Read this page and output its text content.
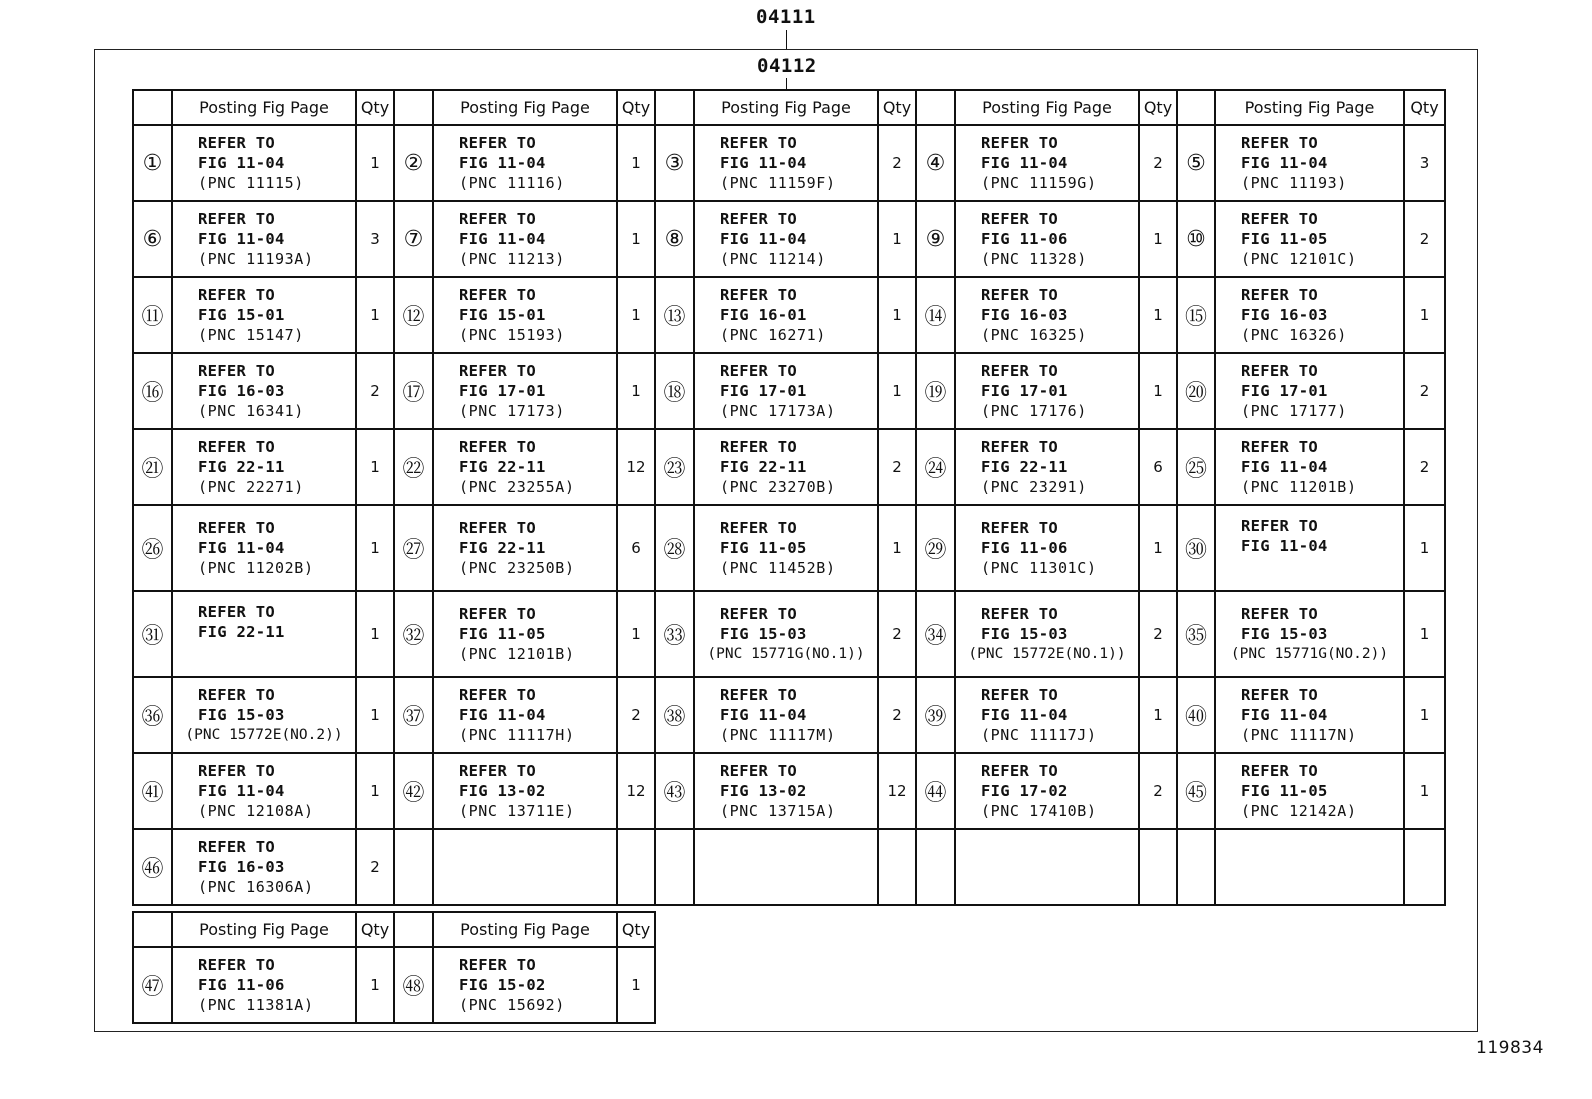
04111
04112
	Posting Fig Page	Qty		Posting Fig Page	Qty		Posting Fig Page	Qty		Posting Fig Page	Qty		Posting Fig Page	Qty
①	REFER TO
FIG 11-04
(PNC 11115)	1	②	REFER TO
FIG 11-04
(PNC 11116)	1	③	REFER TO
FIG 11-04
(PNC 11159F)	2	④	REFER TO
FIG 11-04
(PNC 11159G)	2	⑤	REFER TO
FIG 11-04
(PNC 11193)	3
⑥	REFER TO
FIG 11-04
(PNC 11193A)	3	⑦	REFER TO
FIG 11-04
(PNC 11213)	1	⑧	REFER TO
FIG 11-04
(PNC 11214)	1	⑨	REFER TO
FIG 11-06
(PNC 11328)	1	⑩	REFER TO
FIG 11-05
(PNC 12101C)	2
⑪	REFER TO
FIG 15-01
(PNC 15147)	1	⑫	REFER TO
FIG 15-01
(PNC 15193)	1	⑬	REFER TO
FIG 16-01
(PNC 16271)	1	⑭	REFER TO
FIG 16-03
(PNC 16325)	1	⑮	REFER TO
FIG 16-03
(PNC 16326)	1
⑯	REFER TO
FIG 16-03
(PNC 16341)	2	⑰	REFER TO
FIG 17-01
(PNC 17173)	1	⑱	REFER TO
FIG 17-01
(PNC 17173A)	1	⑲	REFER TO
FIG 17-01
(PNC 17176)	1	⑳	REFER TO
FIG 17-01
(PNC 17177)	2
㉑	REFER TO
FIG 22-11
(PNC 22271)	1	㉒	REFER TO
FIG 22-11
(PNC 23255A)	12	㉓	REFER TO
FIG 22-11
(PNC 23270B)	2	㉔	REFER TO
FIG 22-11
(PNC 23291)	6	㉕	REFER TO
FIG 11-04
(PNC 11201B)	2
㉖	REFER TO
FIG 11-04
(PNC 11202B)	1	㉗	REFER TO
FIG 22-11
(PNC 23250B)	6	㉘	REFER TO
FIG 11-05
(PNC 11452B)	1	㉙	REFER TO
FIG 11-06
(PNC 11301C)	1	㉚	REFER TO
FIG 11-04	1
㉛	REFER TO
FIG 22-11	1	㉜	REFER TO
FIG 11-05
(PNC 12101B)	1	㉝	REFER TO
FIG 15-03
(PNC 15771G(NO.1))	2	㉞	REFER TO
FIG 15-03
(PNC 15772E(NO.1))	2	㉟	REFER TO
FIG 15-03
(PNC 15771G(NO.2))	1
㊱	REFER TO
FIG 15-03
(PNC 15772E(NO.2))	1	㊲	REFER TO
FIG 11-04
(PNC 11117H)	2	㊳	REFER TO
FIG 11-04
(PNC 11117M)	2	㊴	REFER TO
FIG 11-04
(PNC 11117J)	1	㊵	REFER TO
FIG 11-04
(PNC 11117N)	1
㊶	REFER TO
FIG 11-04
(PNC 12108A)	1	㊷	REFER TO
FIG 13-02
(PNC 13711E)	12	㊸	REFER TO
FIG 13-02
(PNC 13715A)	12	㊹	REFER TO
FIG 17-02
(PNC 17410B)	2	㊺	REFER TO
FIG 11-05
(PNC 12142A)	1
㊻	REFER TO
FIG 16-03
(PNC 16306A)	2												
	Posting Fig Page	Qty		Posting Fig Page	Qty
㊼	REFER TO
FIG 11-06
(PNC 11381A)	1	㊽	REFER TO
FIG 15-02
(PNC 15692)	1
119834
